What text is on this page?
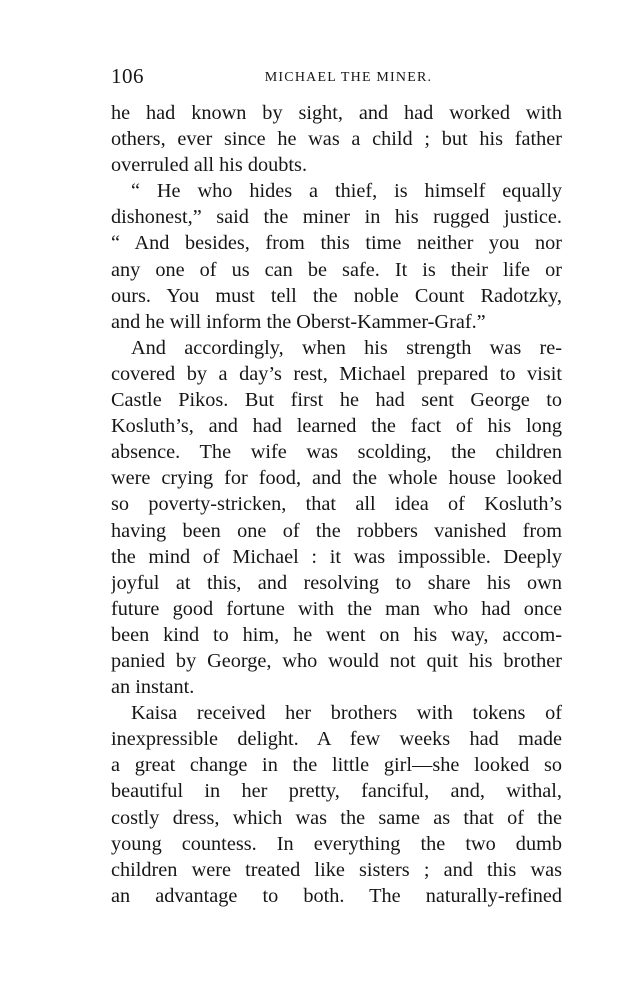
106	MICHAEL THE MINER.
he had known by sight, and had worked with
others, ever since he was a child ; but his father
overruled all his doubts.
“ He who hides a thief, is himself equally
dishonest,” said the miner in his rugged justice.
“ And besides, from this time neither you nor
any one of us can be safe. It is their life or
ours. You must tell the noble Count Radotzky,
and he will inform the Oberst-Kammer-Graf.”
And accordingly, when his strength was re-
covered by a day’s rest, Michael prepared to visit
Castle Pikos. But first he had sent George to
Kosluth’s, and had learned the fact of his long
absence. The wife was scolding, the children
were crying for food, and the whole house looked
so poverty-stricken, that all idea of Kosluth’s
having been one of the robbers vanished from
the mind of Michael : it was impossible. Deeply
joyful at this, and resolving to share his own
future good fortune with the man who had once
been kind to him, he went on his way, accom-
panied by George, who would not quit his brother
an instant.
Kaisa received her brothers with tokens of
inexpressible delight. A few weeks had made
a great change in the little girl—she looked so
beautiful in her pretty, fanciful, and, withal,
costly dress, which was the same as that of the
young countess. In everything the two dumb
children were treated like sisters ; and this was
an advantage to both. The naturally-refined
